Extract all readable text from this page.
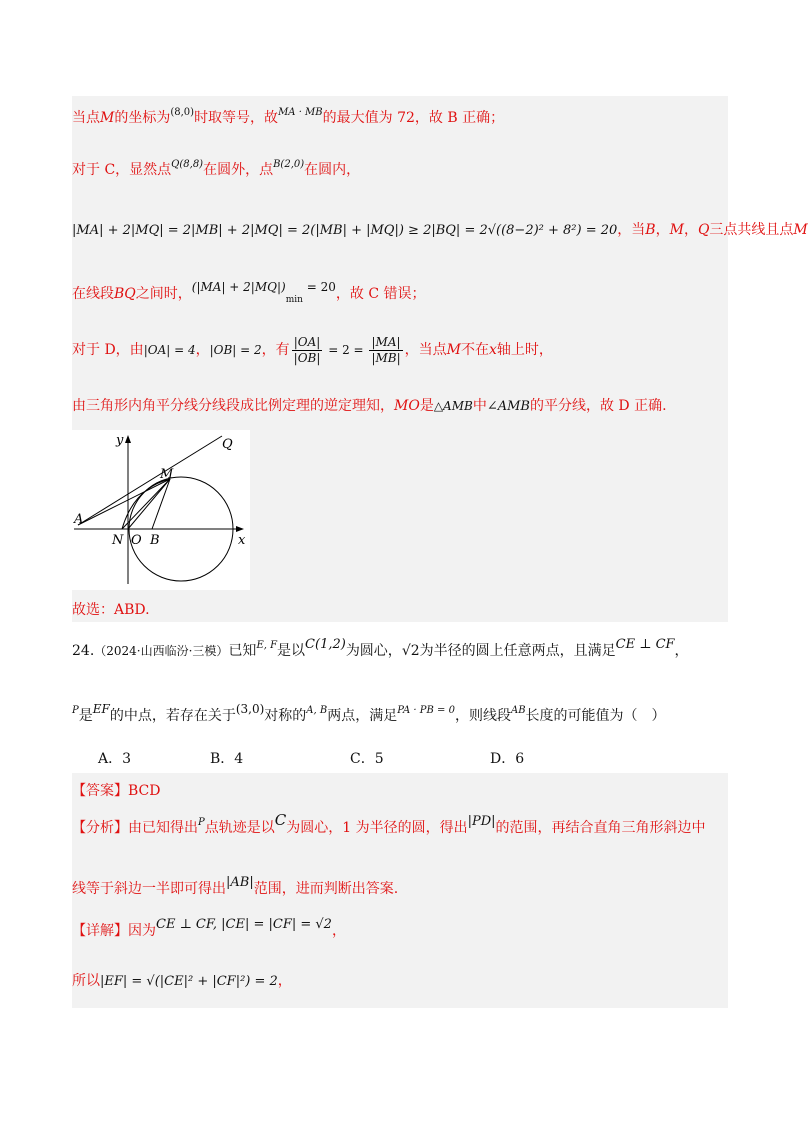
当点M的坐标为$^{(8,0)}$时取等号，故$^{MA \cdot MB}$的最大值为 72，故 B 正确；
对于 C，显然点$^{Q(8,8)}$在圆外，点$^{B(2,0)}$在圆内，
|MA| + 2|MQ| = 2|MB| + 2|MQ| = 2(|MB| + |MQ|) ≥ 2|BQ| = 2√((8−2)² + 8²) = 20，当B，M，Q三点共线且点M
在线段BQ之间时，$(|MA| + 2|MQ|)_{min} = 20$，故 C 错误；
对于 D，由|OA| = 4，|OB| = 2，有 $\frac{|OA|}{|OB|} = 2 = \frac{|MA|}{|MB|}$ ，当点M不在x轴上时，
由三角形内角平分线分线段成比例定理的逆定理知，MO是△AMB中∠AMB的平分线，故 D 正确.
y
x
Q
M
A
N O B
故选：ABD.
24.（2024·山西临汾·三模）已知$^{E, F}$是以C(1,2)为圆心，√2为半径的圆上任意两点，且满足CE ⊥ CF，
$^P$是EF的中点，若存在关于(3,0)对称的$^{A, B}$两点，满足$^{PA \cdot PB = 0}$，则线段$^{AB}$长度的可能值为（　）
A．3	B．4	C．5	D．6
【答案】BCD
【分析】由已知得出$^P$点轨迹是以C为圆心，1 为半径的圆，得出|PD|的范围，再结合直角三角形斜边中
线等于斜边一半即可得出|AB|范围，进而判断出答案.
【详解】因为CE ⊥ CF, |CE| = |CF| = √2，
所以|EF| = √(|CE|² + |CF|²) = 2，
